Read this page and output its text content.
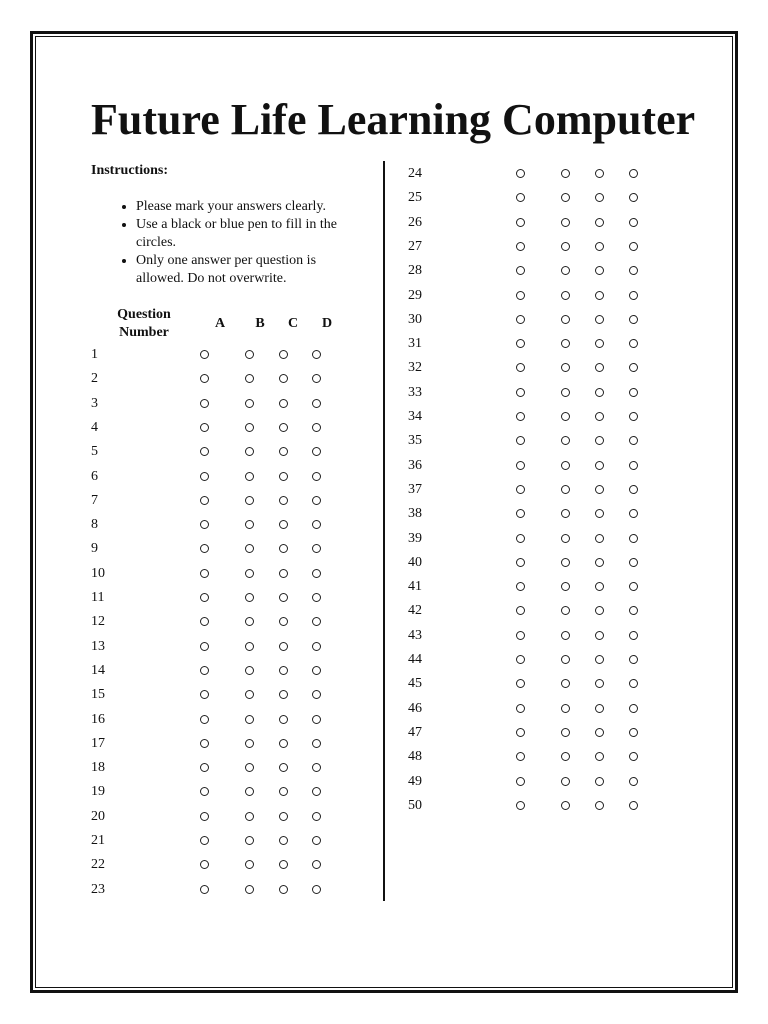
Future Life Learning Computer
Instructions:
• Please mark your answers clearly.
• Use a black or blue pen to fill in the circles.
• Only one answer per question is allowed. Do not overwrite.
Question Number
A B C D
1
2
3
4
5
6
7
8
9
10
11
12
13
14
15
16
17
18
19
20
21
22
23
24
25
26
27
28
29
30
31
32
33
34
35
36
37
38
39
40
41
42
43
44
45
46
47
48
49
50
